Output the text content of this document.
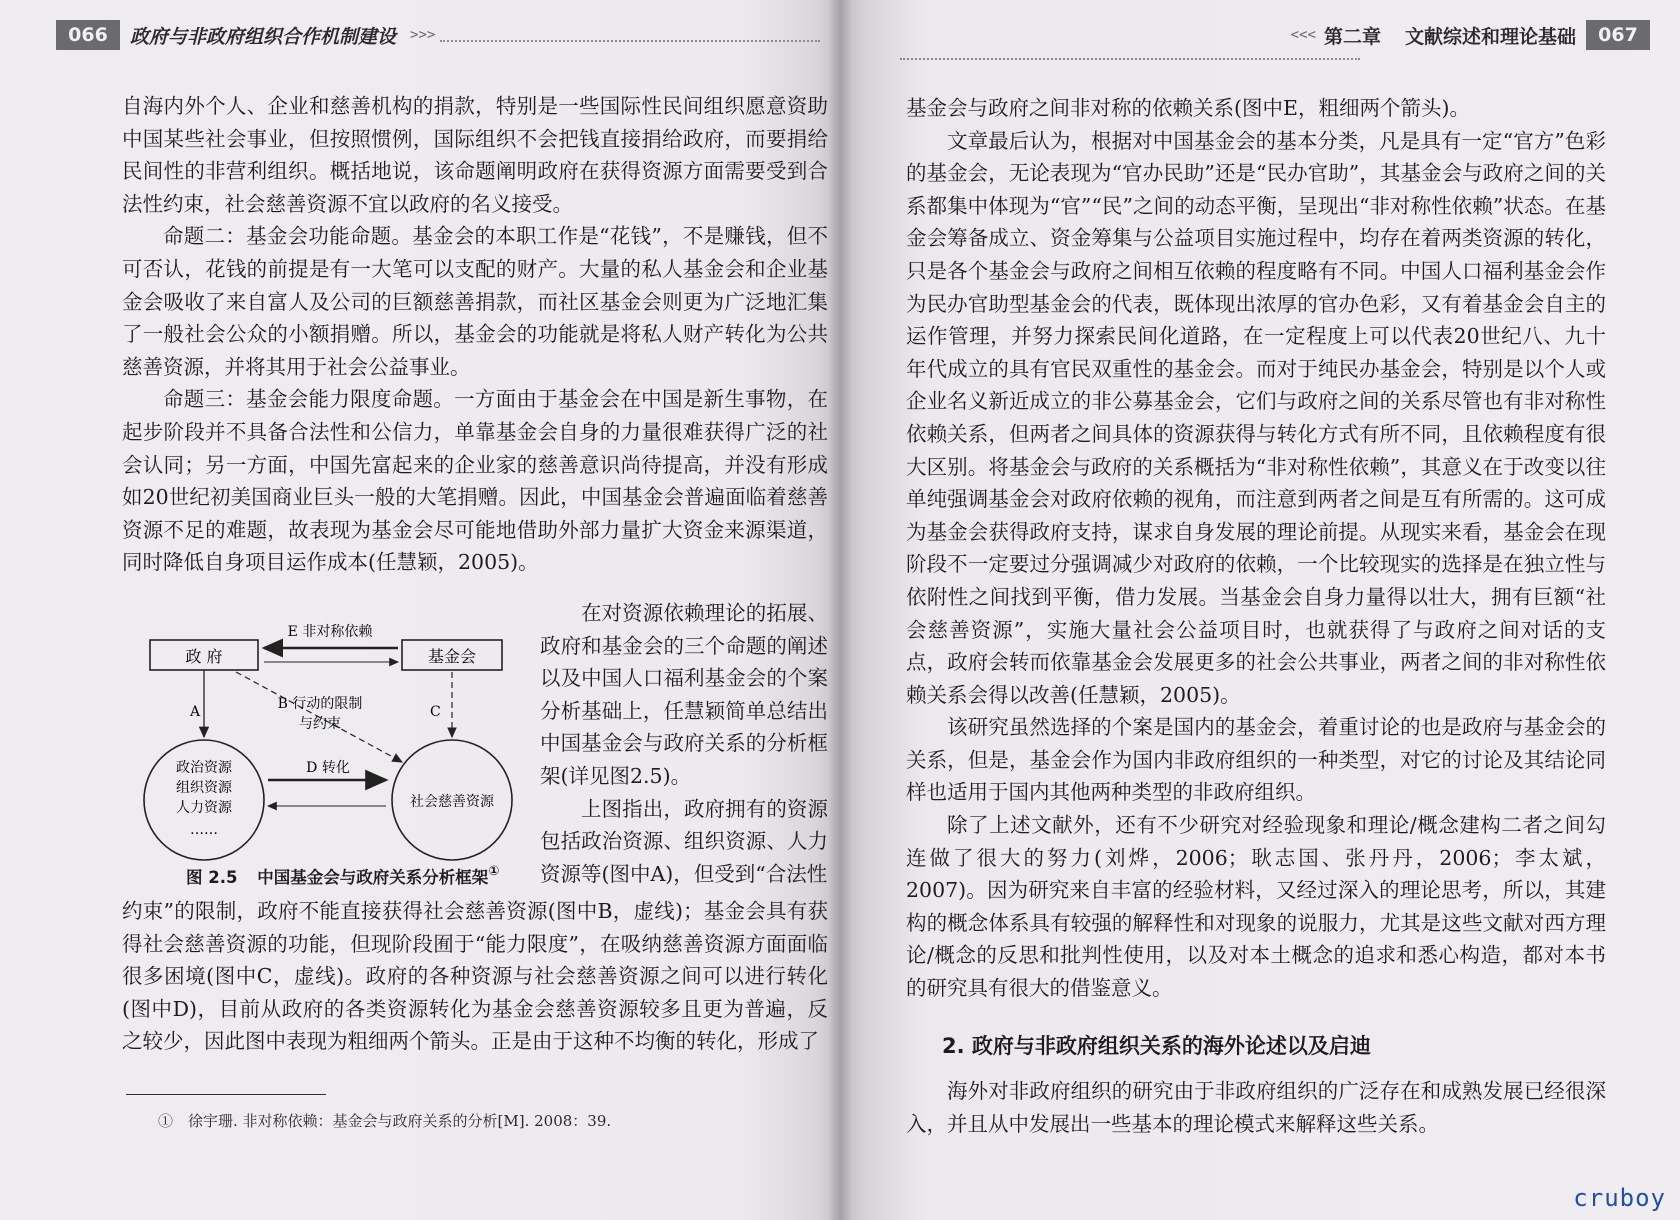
066	政府与非政府组织合作机制建设 >>>

自海内外个人、企业和慈善机构的捐款，特别是一些国际性民间组织愿意资助中国某些社会事业，但按照惯例，国际组织不会把钱直接捐给政府，而要捐给民间性的非营利组织。概括地说，该命题阐明政府在获得资源方面需要受到合法性约束，社会慈善资源不宜以政府的名义接受。

命题二：基金会功能命题。基金会的本职工作是“花钱”，不是赚钱，但不可否认，花钱的前提是有一大笔可以支配的财产。大量的私人基金会和企业基金会吸收了来自富人及公司的巨额慈善捐款，而社区基金会则更为广泛地汇集了一般社会公众的小额捐赠。所以，基金会的功能就是将私人财产转化为公共慈善资源，并将其用于社会公益事业。

命题三：基金会能力限度命题。一方面由于基金会在中国是新生事物，在起步阶段并不具备合法性和公信力，单靠基金会自身的力量很难获得广泛的社会认同；另一方面，中国先富起来的企业家的慈善意识尚待提高，并没有形成如20世纪初美国商业巨头一般的大笔捐赠。因此，中国基金会普遍面临着慈善资源不足的难题，故表现为基金会尽可能地借助外部力量扩大资金来源渠道，同时降低自身项目运作成本(任慧颖，2005)。

政 府	基金会
E 非对称依赖
A	B 行动的限制
与约束
C
政治资源
组织资源
人力资源
……
社会慈善资源
D 转化
图 2.5 中国基金会与政府关系分析框架①

在对资源依赖理论的拓展、政府和基金会的三个命题的阐述以及中国人口福利基金会的个案分析基础上，任慧颖简单总结出中国基金会与政府关系的分析框架(详见图2.5)。

上图指出，政府拥有的资源包括政治资源、组织资源、人力资源等(图中A)，但受到“合法性

约束”的限制，政府不能直接获得社会慈善资源(图中B，虚线)；基金会具有获得社会慈善资源的功能，但现阶段囿于“能力限度”，在吸纳慈善资源方面面临很多困境(图中C，虚线)。政府的各种资源与社会慈善资源之间可以进行转化(图中D)，目前从政府的各类资源转化为基金会慈善资源较多且更为普遍，反之较少，因此图中表现为粗细两个箭头。正是由于这种不均衡的转化，形成了

①　徐宇珊. 非对称依赖：基金会与政府关系的分析[M]. 2008：39.
<<< 第二章 文献综述和理论基础	067

基金会与政府之间非对称的依赖关系(图中E，粗细两个箭头)。

文章最后认为，根据对中国基金会的基本分类，凡是具有一定“官方”色彩的基金会，无论表现为“官办民助”还是“民办官助”，其基金会与政府之间的关系都集中体现为“官”“民”之间的动态平衡，呈现出“非对称性依赖”状态。在基金会筹备成立、资金筹集与公益项目实施过程中，均存在着两类资源的转化，只是各个基金会与政府之间相互依赖的程度略有不同。中国人口福利基金会作为民办官助型基金会的代表，既体现出浓厚的官办色彩，又有着基金会自主的运作管理，并努力探索民间化道路，在一定程度上可以代表20世纪八、九十年代成立的具有官民双重性的基金会。而对于纯民办基金会，特别是以个人或企业名义新近成立的非公募基金会，它们与政府之间的关系尽管也有非对称性依赖关系，但两者之间具体的资源获得与转化方式有所不同，且依赖程度有很大区别。将基金会与政府的关系概括为“非对称性依赖”，其意义在于改变以往单纯强调基金会对政府依赖的视角，而注意到两者之间是互有所需的。这可成为基金会获得政府支持，谋求自身发展的理论前提。从现实来看，基金会在现阶段不一定要过分强调减少对政府的依赖，一个比较现实的选择是在独立性与依附性之间找到平衡，借力发展。当基金会自身力量得以壮大，拥有巨额“社会慈善资源”，实施大量社会公益项目时，也就获得了与政府之间对话的支点，政府会转而依靠基金会发展更多的社会公共事业，两者之间的非对称性依赖关系会得以改善(任慧颖，2005)。

该研究虽然选择的个案是国内的基金会，着重讨论的也是政府与基金会的关系，但是，基金会作为国内非政府组织的一种类型，对它的讨论及其结论同样也适用于国内其他两种类型的非政府组织。

除了上述文献外，还有不少研究对经验现象和理论/概念建构二者之间勾连做了很大的努力(刘烨，2006；耿志国、张丹丹，2006；李太斌，2007)。因为研究来自丰富的经验材料，又经过深入的理论思考，所以，其建构的概念体系具有较强的解释性和对现象的说服力，尤其是这些文献对西方理论/概念的反思和批判性使用，以及对本土概念的追求和悉心构造，都对本书的研究具有很大的借鉴意义。

2. 政府与非政府组织关系的海外论述以及启迪

海外对非政府组织的研究由于非政府组织的广泛存在和成熟发展已经很深入，并且从中发展出一些基本的理论模式来解释这些关系。

cruboy
